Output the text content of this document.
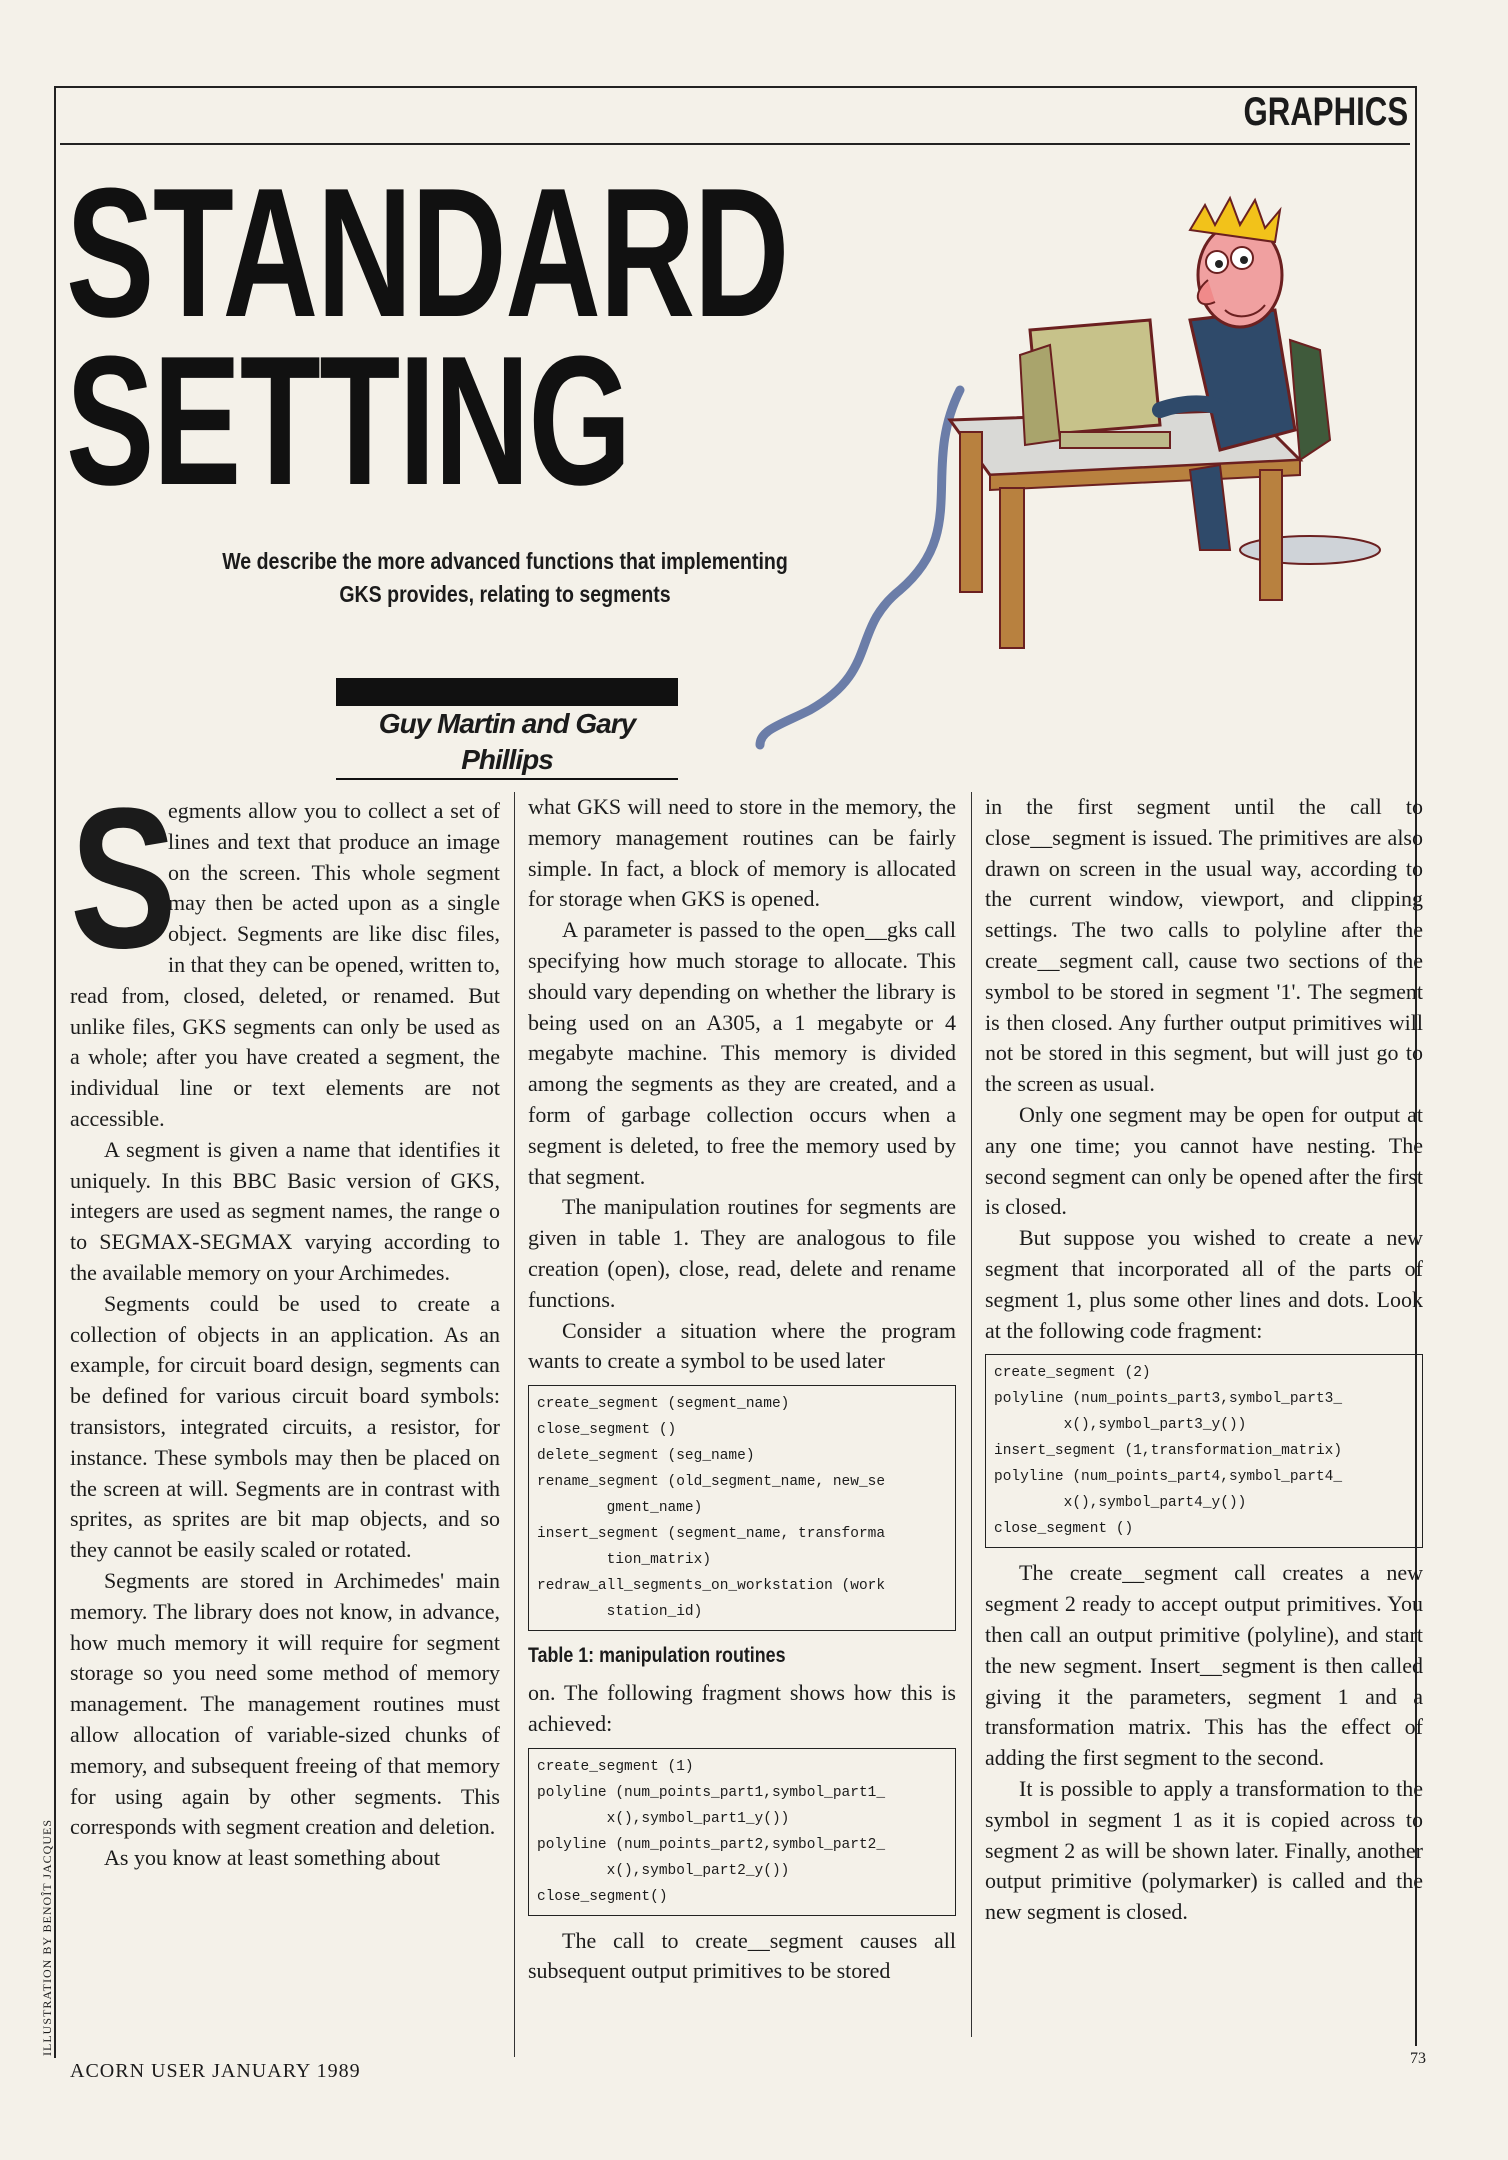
GRAPHICS
STANDARD
SETTING
We describe the more advanced functions that implementing
GKS provides, relating to segments
Guy Martin and Gary Phillips
S

egments allow you to collect a set of lines and text that produce an image on the screen. This whole segment may then be acted upon as a single object. Segments are like disc files, in that they can be opened, written to, read from, closed, deleted, or renamed. But unlike files, GKS segments can only be used as a whole; after you have created a segment, the individual line or text elements are not accessible.

A segment is given a name that identifies it uniquely. In this BBC Basic version of GKS, integers are used as segment names, the range o to SEGMAX-SEGMAX varying according to the available memory on your Archimedes.

Segments could be used to create a collection of objects in an application. As an example, for circuit board design, segments can be defined for various circuit board symbols: transistors, integrated circuits, a resistor, for instance. These symbols may then be placed on the screen at will. Segments are in contrast with sprites, as sprites are bit map objects, and so they cannot be easily scaled or rotated.

Segments are stored in Archimedes' main memory. The library does not know, in advance, how much memory it will require for segment storage so you need some method of memory management. The management routines must allow allocation of variable-sized chunks of memory, and subsequent freeing of that memory for using again by other segments. This corresponds with segment creation and deletion.

As you know at least something about

what GKS will need to store in the memory, the memory management routines can be fairly simple. In fact, a block of memory is allocated for storage when GKS is opened.

A parameter is passed to the open__gks call specifying how much storage to allocate. This should vary depending on whether the library is being used on an A305, a 1 megabyte or 4 megabyte machine. This memory is divided among the segments as they are created, and a form of garbage collection occurs when a segment is deleted, to free the memory used by that segment.

The manipulation routines for segments are given in table 1. They are analogous to file creation (open), close, read, delete and rename functions.

Consider a situation where the program wants to create a symbol to be used later

create_segment (segment_name)
close_segment ()
delete_segment (seg_name)
rename_segment (old_segment_name, new_se
gment_name)
insert_segment (segment_name, transforma
tion_matrix)
redraw_all_segments_on_workstation (work
station_id)
Table 1: manipulation routines

on. The following fragment shows how this is achieved:

create_segment (1)
polyline (num_points_part1,symbol_part1_
x(),symbol_part1_y())
polyline (num_points_part2,symbol_part2_
x(),symbol_part2_y())
close_segment()

The call to create__segment causes all subsequent output primitives to be stored

in the first segment until the call to close__segment is issued. The primitives are also drawn on screen in the usual way, according to the current window, viewport, and clipping settings. The two calls to polyline after the create__segment call, cause two sections of the symbol to be stored in segment '1'. The segment is then closed. Any further output primitives will not be stored in this segment, but will just go to the screen as usual.

Only one segment may be open for output at any one time; you cannot have nesting. The second segment can only be opened after the first is closed.

But suppose you wished to create a new segment that incorporated all of the parts of segment 1, plus some other lines and dots. Look at the following code fragment:

create_segment (2)
polyline (num_points_part3,symbol_part3_
x(),symbol_part3_y())
insert_segment (1,transformation_matrix)
polyline (num_points_part4,symbol_part4_
x(),symbol_part4_y())
close_segment ()

The create__segment call creates a new segment 2 ready to accept output primitives. You then call an output primitive (polyline), and start the new segment. Insert__segment is then called giving it the parameters, segment 1 and a transformation matrix. This has the effect of adding the first segment to the second.

It is possible to apply a transformation to the symbol in segment 1 as it is copied across to segment 2 as will be shown later. Finally, another output primitive (polymarker) is called and the new segment is closed.

ILLUSTRATION BY BENOÎT JACQUES
ACORN USER JANUARY 1989
73
